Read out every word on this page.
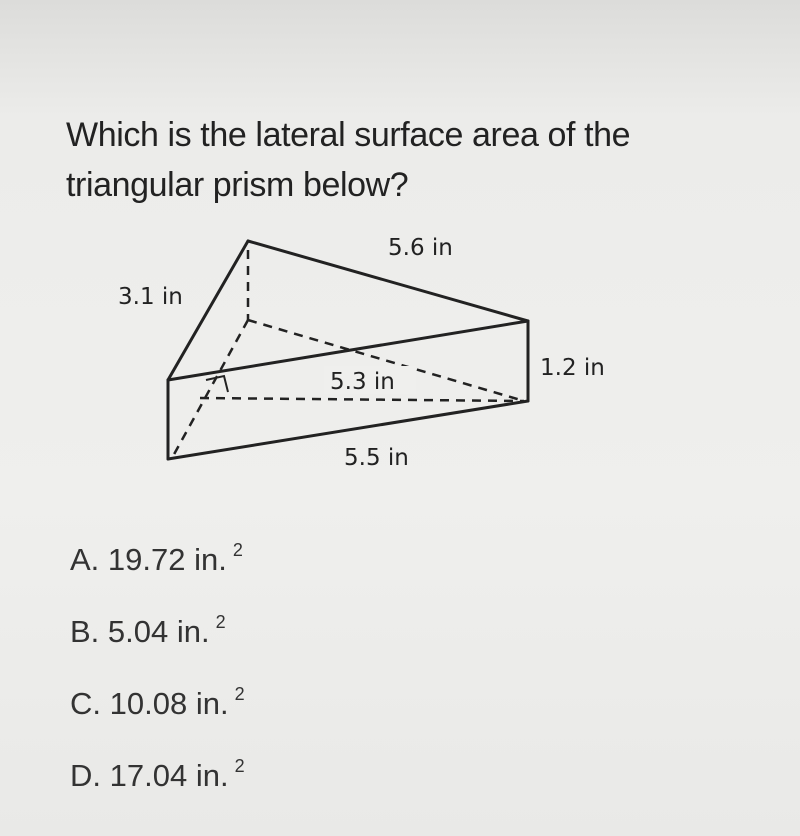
Which is the lateral surface area of the
triangular prism below?
5.6 in
3.1 in
1.2 in
5.3 in
5.5 in
A. 19.72 in. $^2$
B. 5.04 in. $^2$
C. 10.08 in. $^2$
D. 17.04 in. $^2$
